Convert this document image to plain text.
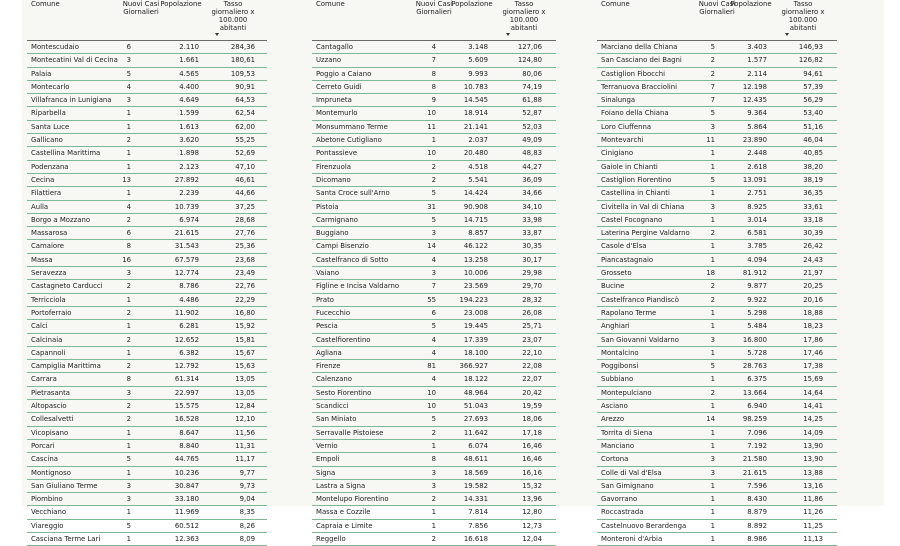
Comune	Nuovi Casi
Giornalieri
Popolazione	Tasso
giornaliero x
100.000
abitanti
Montescudaio	6	2.110	284,36
Montecatini Val di Cecina	3	1.661	180,61
Palaia	5	4.565	109,53
Montecarlo	4	4.400	90,91
Villafranca in Lunigiana	3	4.649	64,53
Riparbella	1	1.599	62,54
Santa Luce	1	1.613	62,00
Gallicano	2	3.620	55,25
Castellina Marittima	1	1.898	52,69
Podenzana	1	2.123	47,10
Cecina	13	27.892	46,61
Filattiera	1	2.239	44,66
Aulla	4	10.739	37,25
Borgo a Mozzano	2	6.974	28,68
Massarosa	6	21.615	27,76
Camaiore	8	31.543	25,36
Massa	16	67.579	23,68
Seravezza	3	12.774	23,49
Castagneto Carducci	2	8.786	22,76
Terricciola	1	4.486	22,29
Portoferraio	2	11.902	16,80
Calci	1	6.281	15,92
Calcinaia	2	12.652	15,81
Capannoli	1	6.382	15,67
Campiglia Marittima	2	12.792	15,63
Carrara	8	61.314	13,05
Pietrasanta	3	22.997	13,05
Altopascio	2	15.575	12,84
Collesalvetti	2	16.528	12,10
Vicopisano	1	8.647	11,56
Porcari	1	8.840	11,31
Cascina	5	44.765	11,17
Montignoso	1	10.236	9,77
San Giuliano Terme	3	30.847	9,73
Piombino	3	33.180	9,04
Vecchiano	1	11.969	8,35
Viareggio	5	60.512	8,26
Casciana Terme Lari	1	12.363	8,09
Comune	Nuovi Casi
Giornalieri
Popolazione	Tasso
giornaliero x
100.000
abitanti
Cantagallo	4	3.148	127,06
Uzzano	7	5.609	124,80
Poggio a Caiano	8	9.993	80,06
Cerreto Guidi	8	10.783	74,19
Impruneta	9	14.545	61,88
Montemurlo	10	18.914	52,87
Monsummano Terme	11	21.141	52,03
Abetone Cutigliano	1	2.037	49,09
Pontassieve	10	20.480	48,83
Firenzuola	2	4.518	44,27
Dicomano	2	5.541	36,09
Santa Croce sull'Arno	5	14.424	34,66
Pistoia	31	90.908	34,10
Carmignano	5	14.715	33,98
Buggiano	3	8.857	33,87
Campi Bisenzio	14	46.122	30,35
Castelfranco di Sotto	4	13.258	30,17
Vaiano	3	10.006	29,98
Figline e Incisa Valdarno	7	23.569	29,70
Prato	55	194.223	28,32
Fucecchio	6	23.008	26,08
Pescia	5	19.445	25,71
Castelfiorentino	4	17.339	23,07
Agliana	4	18.100	22,10
Firenze	81	366.927	22,08
Calenzano	4	18.122	22,07
Sesto Fiorentino	10	48.964	20,42
Scandicci	10	51.043	19,59
San Miniato	5	27.693	18,06
Serravalle Pistoiese	2	11.642	17,18
Vernio	1	6.074	16,46
Empoli	8	48.611	16,46
Signa	3	18.569	16,16
Lastra a Signa	3	19.582	15,32
Montelupo Fiorentino	2	14.331	13,96
Massa e Cozzile	1	7.814	12,80
Capraia e Limite	1	7.856	12,73
Reggello	2	16.618	12,04
Comune	Nuovi Casi
Giornalieri
Popolazione	Tasso
giornaliero x
100.000
abitanti
Marciano della Chiana	5	3.403	146,93
San Casciano dei Bagni	2	1.577	126,82
Castiglion Fibocchi	2	2.114	94,61
Terranuova Bracciolini	7	12.198	57,39
Sinalunga	7	12.435	56,29
Foiano della Chiana	5	9.364	53,40
Loro Ciuffenna	3	5.864	51,16
Montevarchi	11	23.890	46,04
Cinigiano	1	2.448	40,85
Gaiole in Chianti	1	2.618	38,20
Castiglion Fiorentino	5	13.091	38,19
Castellina in Chianti	1	2.751	36,35
Civitella in Val di Chiana	3	8.925	33,61
Castel Focognano	1	3.014	33,18
Laterina Pergine Valdarno	2	6.581	30,39
Casole d'Elsa	1	3.785	26,42
Piancastagnaio	1	4.094	24,43
Grosseto	18	81.912	21,97
Bucine	2	9.877	20,25
Castelfranco Piandiscò	2	9.922	20,16
Rapolano Terme	1	5.298	18,88
Anghiari	1	5.484	18,23
San Giovanni Valdarno	3	16.800	17,86
Montalcino	1	5.728	17,46
Poggibonsi	5	28.763	17,38
Subbiano	1	6.375	15,69
Montepulciano	2	13.664	14,64
Asciano	1	6.940	14,41
Arezzo	14	98.259	14,25
Torrita di Siena	1	7.096	14,09
Manciano	1	7.192	13,90
Cortona	3	21.580	13,90
Colle di Val d'Elsa	3	21.615	13,88
San Gimignano	1	7.596	13,16
Gavorrano	1	8.430	11,86
Roccastrada	1	8.879	11,26
Castelnuovo Berardenga	1	8.892	11,25
Monteroni d'Arbia	1	8.986	11,13
